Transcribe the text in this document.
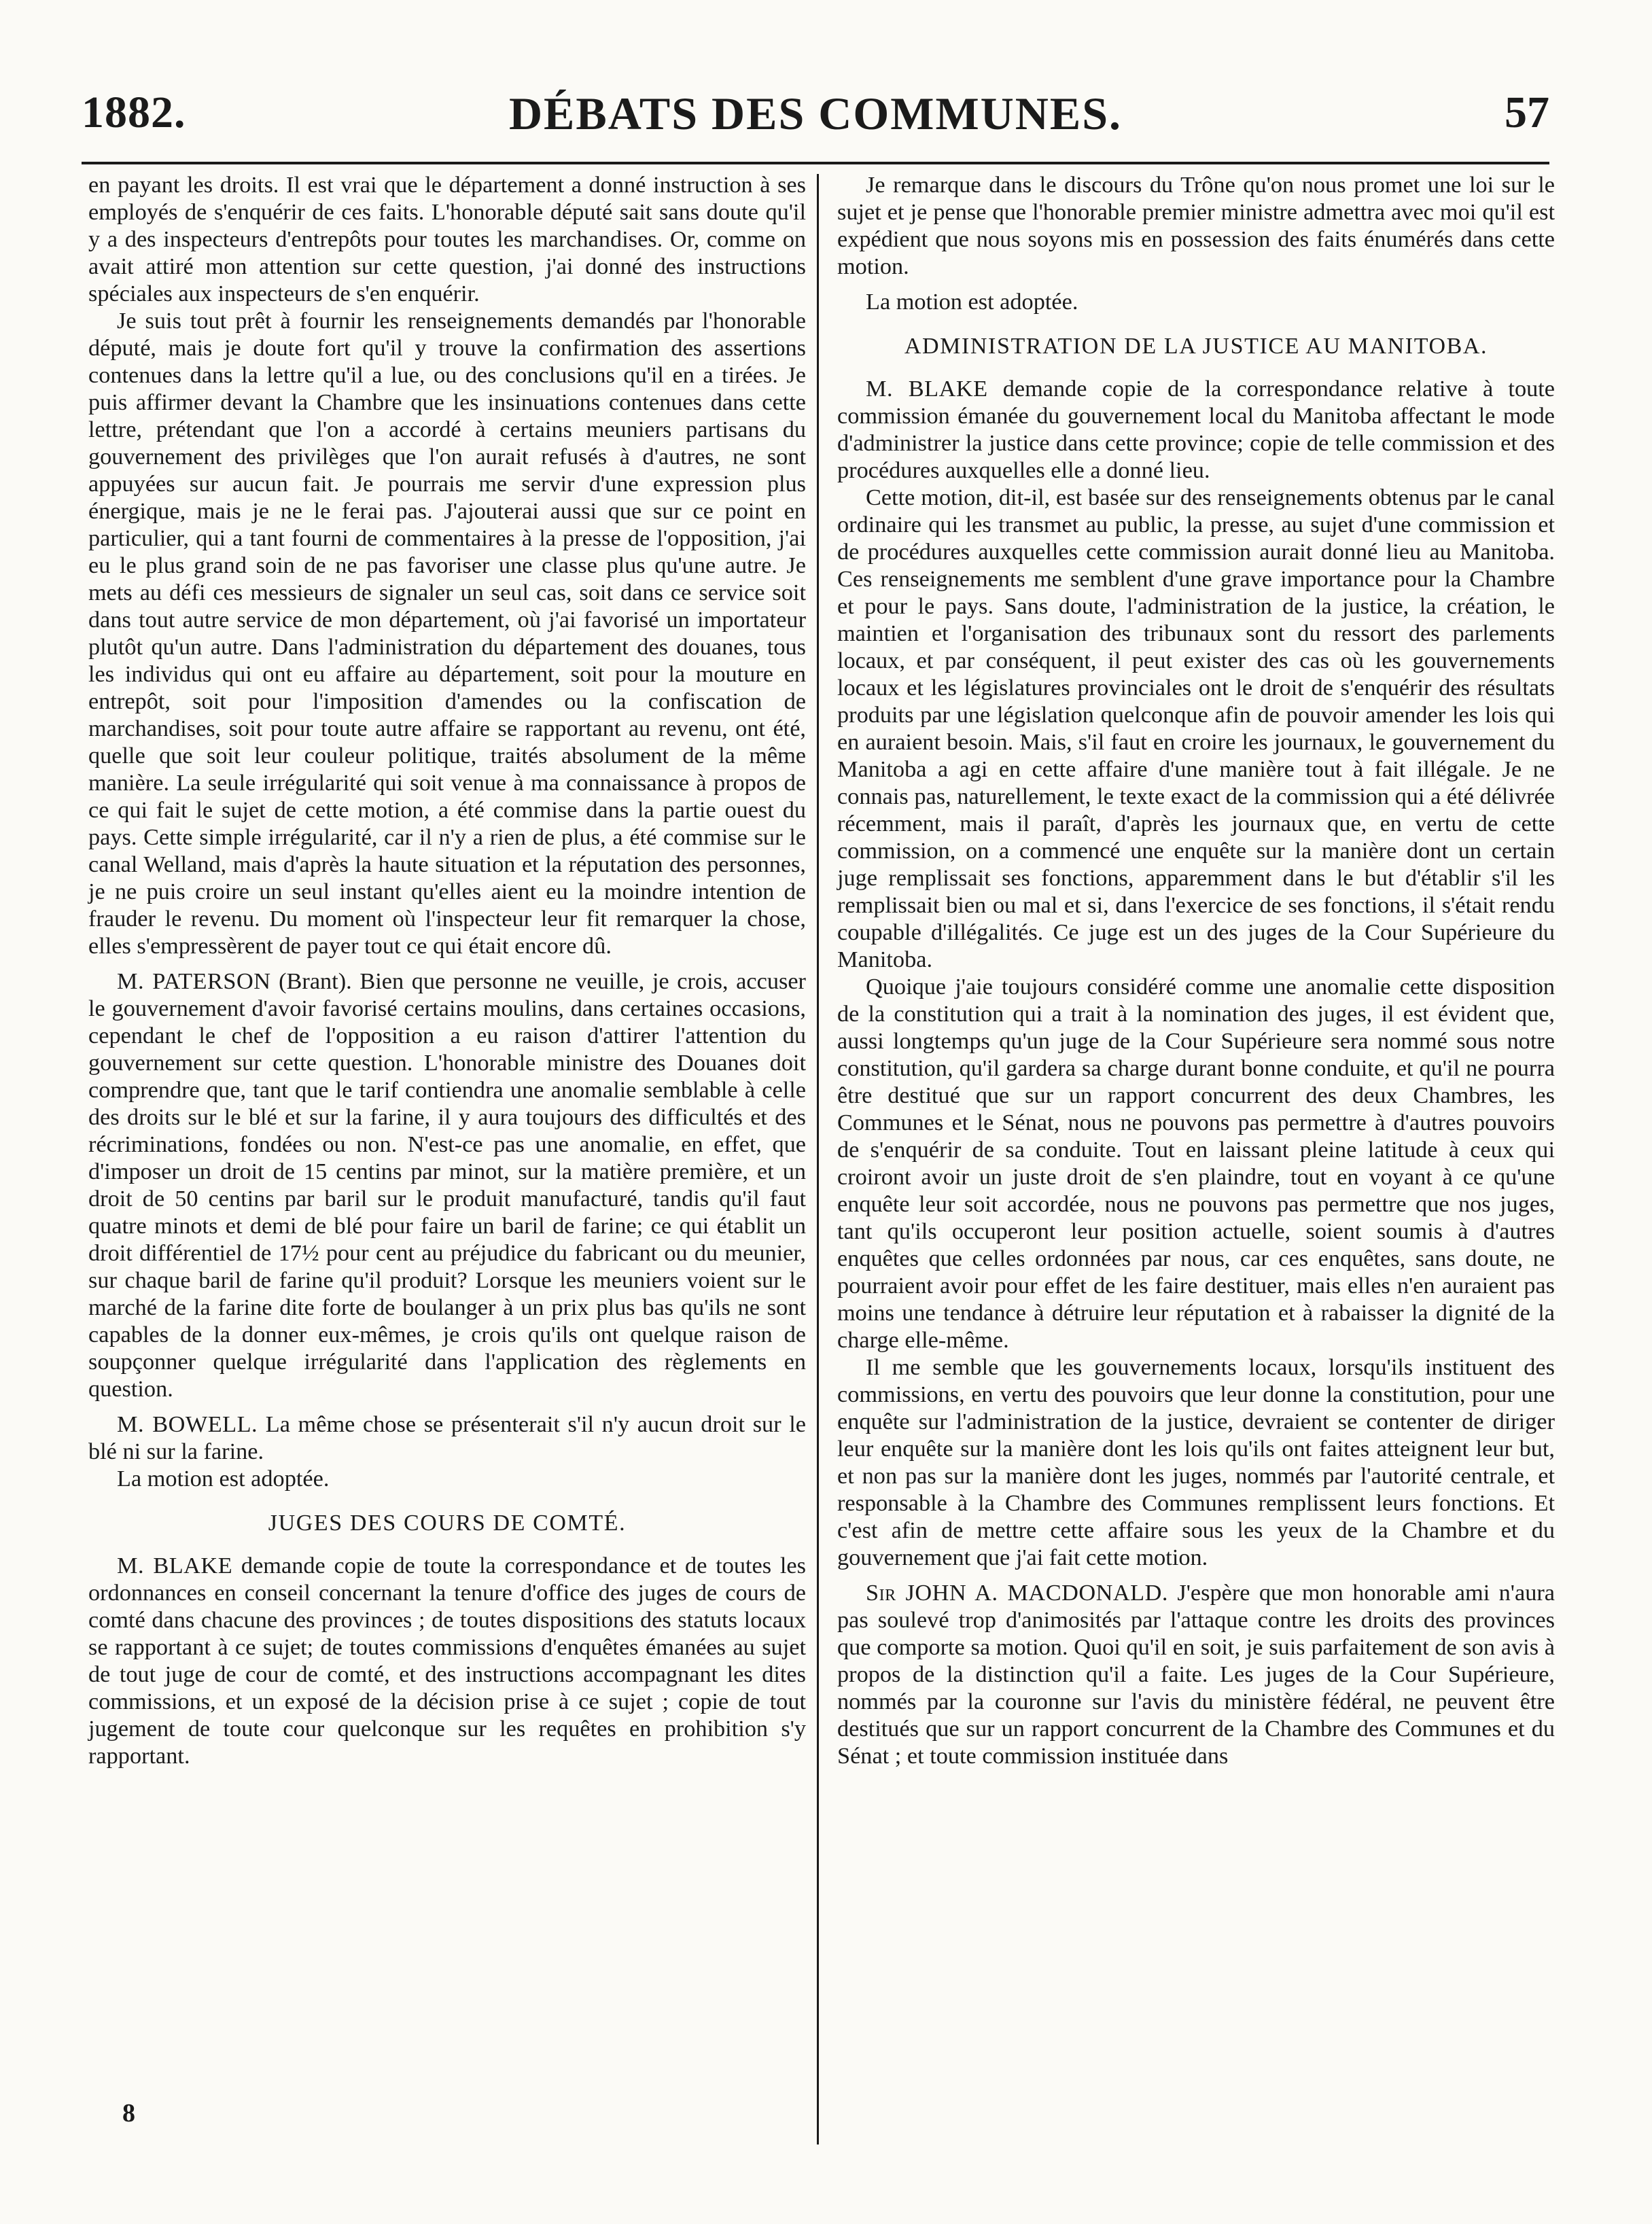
1882.	DÉBATS DES COMMUNES.	57

en payant les droits. Il est vrai que le département a donné instruction à ses employés de s'enquérir de ces faits. L'honorable député sait sans doute qu'il y a des inspecteurs d'entrepôts pour toutes les marchandises. Or, comme on avait attiré mon attention sur cette question, j'ai donné des instructions spéciales aux inspecteurs de s'en enquérir.

Je suis tout prêt à fournir les renseignements demandés par l'honorable député, mais je doute fort qu'il y trouve la confirmation des assertions contenues dans la lettre qu'il a lue, ou des conclusions qu'il en a tirées. Je puis affirmer devant la Chambre que les insinuations contenues dans cette lettre, prétendant que l'on a accordé à certains meuniers partisans du gouvernement des privilèges que l'on aurait refusés à d'autres, ne sont appuyées sur aucun fait. Je pourrais me servir d'une expression plus énergique, mais je ne le ferai pas. J'ajouterai aussi que sur ce point en particulier, qui a tant fourni de commentaires à la presse de l'opposition, j'ai eu le plus grand soin de ne pas favoriser une classe plus qu'une autre. Je mets au défi ces messieurs de signaler un seul cas, soit dans ce service soit dans tout autre service de mon département, où j'ai favorisé un importateur plutôt qu'un autre. Dans l'administration du département des douanes, tous les individus qui ont eu affaire au département, soit pour la mouture en entrepôt, soit pour l'imposition d'amendes ou la confiscation de marchandises, soit pour toute autre affaire se rapportant au revenu, ont été, quelle que soit leur couleur politique, traités absolument de la même manière. La seule irrégularité qui soit venue à ma connaissance à propos de ce qui fait le sujet de cette motion, a été commise dans la partie ouest du pays. Cette simple irrégularité, car il n'y a rien de plus, a été commise sur le canal Welland, mais d'après la haute situation et la réputation des personnes, je ne puis croire un seul instant qu'elles aient eu la moindre intention de frauder le revenu. Du moment où l'inspecteur leur fit remarquer la chose, elles s'empressèrent de payer tout ce qui était encore dû.

M. PATERSON (Brant). Bien que personne ne veuille, je crois, accuser le gouvernement d'avoir favorisé certains moulins, dans certaines occasions, cependant le chef de l'opposition a eu raison d'attirer l'attention du gouvernement sur cette question. L'honorable ministre des Douanes doit comprendre que, tant que le tarif contiendra une anomalie semblable à celle des droits sur le blé et sur la farine, il y aura toujours des difficultés et des récriminations, fondées ou non. N'est-ce pas une anomalie, en effet, que d'imposer un droit de 15 centins par minot, sur la matière première, et un droit de 50 centins par baril sur le produit manufacturé, tandis qu'il faut quatre minots et demi de blé pour faire un baril de farine; ce qui établit un droit différentiel de 17½ pour cent au préjudice du fabricant ou du meunier, sur chaque baril de farine qu'il produit? Lorsque les meuniers voient sur le marché de la farine dite forte de boulanger à un prix plus bas qu'ils ne sont capables de la donner eux-mêmes, je crois qu'ils ont quelque raison de soupçonner quelque irrégularité dans l'application des règlements en question.

M. BOWELL. La même chose se présenterait s'il n'y aucun droit sur le blé ni sur la farine.

La motion est adoptée.

JUGES DES COURS DE COMTÉ.

M. BLAKE demande copie de toute la correspondance et de toutes les ordonnances en conseil concernant la tenure d'office des juges de cours de comté dans chacune des provinces ; de toutes dispositions des statuts locaux se rapportant à ce sujet; de toutes commissions d'enquêtes émanées au sujet de tout juge de cour de comté, et des instructions accompagnant les dites commissions, et un exposé de la décision prise à ce sujet ; copie de tout jugement de toute cour quelconque sur les requêtes en prohibition s'y rapportant.

8

Je remarque dans le discours du Trône qu'on nous promet une loi sur le sujet et je pense que l'honorable premier ministre admettra avec moi qu'il est expédient que nous soyons mis en possession des faits énumérés dans cette motion.

La motion est adoptée.

ADMINISTRATION DE LA JUSTICE AU MANITOBA.

M. BLAKE demande copie de la correspondance relative à toute commission émanée du gouvernement local du Manitoba affectant le mode d'administrer la justice dans cette province; copie de telle commission et des procédures auxquelles elle a donné lieu.

Cette motion, dit-il, est basée sur des renseignements obtenus par le canal ordinaire qui les transmet au public, la presse, au sujet d'une commission et de procédures auxquelles cette commission aurait donné lieu au Manitoba. Ces renseignements me semblent d'une grave importance pour la Chambre et pour le pays. Sans doute, l'administration de la justice, la création, le maintien et l'organisation des tribunaux sont du ressort des parlements locaux, et par conséquent, il peut exister des cas où les gouvernements locaux et les législatures provinciales ont le droit de s'enquérir des résultats produits par une législation quelconque afin de pouvoir amender les lois qui en auraient besoin. Mais, s'il faut en croire les journaux, le gouvernement du Manitoba a agi en cette affaire d'une manière tout à fait illégale. Je ne connais pas, naturellement, le texte exact de la commission qui a été délivrée récemment, mais il paraît, d'après les journaux que, en vertu de cette commission, on a commencé une enquête sur la manière dont un certain juge remplissait ses fonctions, apparemment dans le but d'établir s'il les remplissait bien ou mal et si, dans l'exercice de ses fonctions, il s'était rendu coupable d'illégalités. Ce juge est un des juges de la Cour Supérieure du Manitoba.

Quoique j'aie toujours considéré comme une anomalie cette disposition de la constitution qui a trait à la nomination des juges, il est évident que, aussi longtemps qu'un juge de la Cour Supérieure sera nommé sous notre constitution, qu'il gardera sa charge durant bonne conduite, et qu'il ne pourra être destitué que sur un rapport concurrent des deux Chambres, les Communes et le Sénat, nous ne pouvons pas permettre à d'autres pouvoirs de s'enquérir de sa conduite. Tout en laissant pleine latitude à ceux qui croiront avoir un juste droit de s'en plaindre, tout en voyant à ce qu'une enquête leur soit accordée, nous ne pouvons pas permettre que nos juges, tant qu'ils occuperont leur position actuelle, soient soumis à d'autres enquêtes que celles ordonnées par nous, car ces enquêtes, sans doute, ne pourraient avoir pour effet de les faire destituer, mais elles n'en auraient pas moins une tendance à détruire leur réputation et à rabaisser la dignité de la charge elle-même.

Il me semble que les gouvernements locaux, lorsqu'ils instituent des commissions, en vertu des pouvoirs que leur donne la constitution, pour une enquête sur l'administration de la justice, devraient se contenter de diriger leur enquête sur la manière dont les lois qu'ils ont faites atteignent leur but, et non pas sur la manière dont les juges, nommés par l'autorité centrale, et responsable à la Chambre des Communes remplissent leurs fonctions. Et c'est afin de mettre cette affaire sous les yeux de la Chambre et du gouvernement que j'ai fait cette motion.

Sir JOHN A. MACDONALD. J'espère que mon honorable ami n'aura pas soulevé trop d'animosités par l'attaque contre les droits des provinces que comporte sa motion. Quoi qu'il en soit, je suis parfaitement de son avis à propos de la distinction qu'il a faite. Les juges de la Cour Supérieure, nommés par la couronne sur l'avis du ministère fédéral, ne peuvent être destitués que sur un rapport concurrent de la Chambre des Communes et du Sénat ; et toute commission instituée dans
